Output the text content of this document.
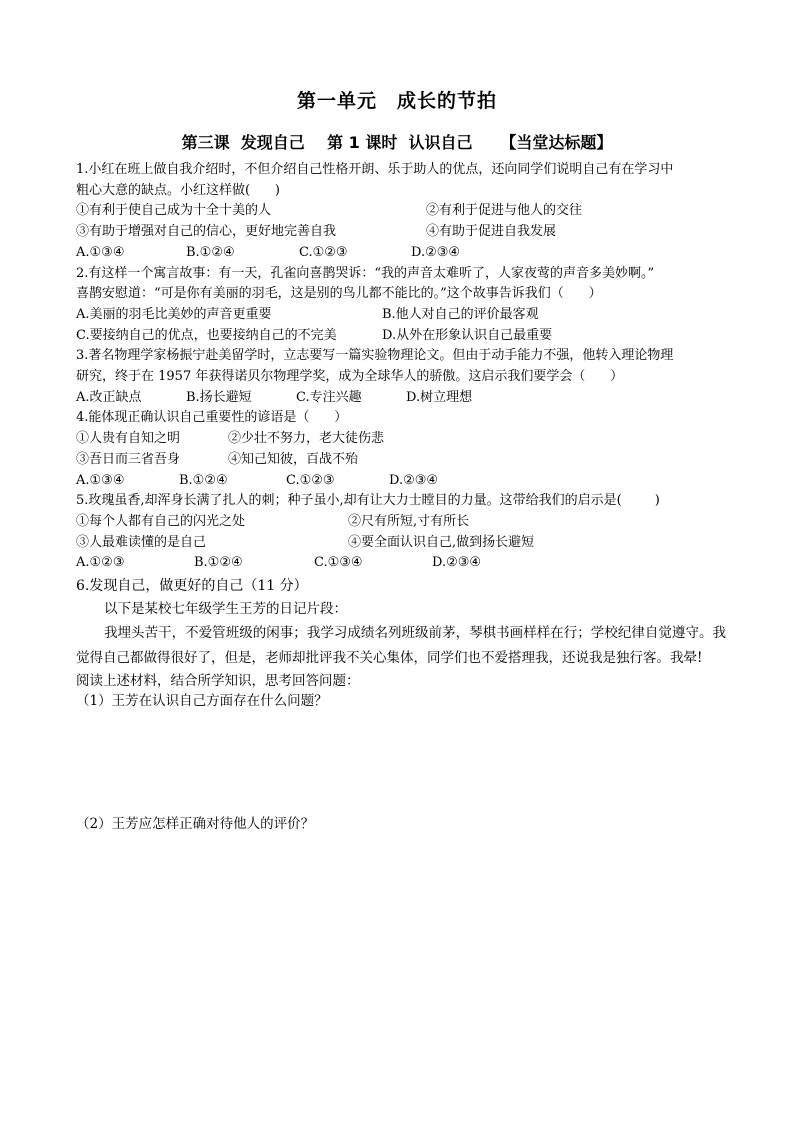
第一单元　成长的节拍
第三课  发现自己    第 1 课时  认识自己     【当堂达标题】
1.小红在班上做自我介绍时，不但介绍自己性格开朗、乐于助人的优点，还向同学们说明自己有在学习中
粗心大意的缺点。小红这样做(      )
①有利于使自己成为十全十美的人	②有利于促进与他人的交往
③有助于增强对自己的信心，更好地完善自我	④有助于促进自我发展
A.①③④	B.①②④	C.①②③	D.②③④
2.有这样一个寓言故事：有一天，孔雀向喜鹊哭诉：“我的声音太难听了，人家夜莺的声音多美妙啊。”
喜鹊安慰道：“可是你有美丽的羽毛，这是别的鸟儿都不能比的。”这个故事告诉我们（      ）
A.美丽的羽毛比美妙的声音更重要	B.他人对自己的评价最客观
C.要接纳自己的优点，也要接纳自己的不完美	D.从外在形象认识自己最重要
3.著名物理学家杨振宁赴美留学时，立志要写一篇实验物理论文。但由于动手能力不强，他转入理论物理
研究，终于在 1957 年获得诺贝尔物理学奖，成为全球华人的骄傲。这启示我们要学会（      ）
A.改正缺点	B.扬长避短	C.专注兴趣	D.树立理想
4.能体现正确认识自己重要性的谚语是（      ）
①人贵有自知之明	②少壮不努力，老大徒伤悲
③吾日而三省吾身	④知己知彼，百战不殆
A.①③④	B.①②④	C.①②③	D.②③④
5.玫瑰虽香,却浑身长满了扎人的刺；种子虽小,却有让大力士瞠目的力量。这带给我们的启示是(        )
①每个人都有自己的闪光之处	②尺有所短,寸有所长
③人最难读懂的是自己	④要全面认识自己,做到扬长避短
A.①②③	B.①②④	C.①③④	D.②③④
6.发现自己，做更好的自己（11 分）

以下是某校七年级学生王芳的日记片段：

我埋头苦干，不爱管班级的闲事；我学习成绩名列班级前茅，琴棋书画样样在行；学校纪律自觉遵守。我觉得自己都做得很好了，但是，老师却批评我不关心集体，同学们也不爱搭理我，还说我是独行客。我晕!

阅读上述材料，结合所学知识，思考回答问题：
（1）王芳在认识自己方面存在什么问题？
（2）王芳应怎样正确对待他人的评价？
